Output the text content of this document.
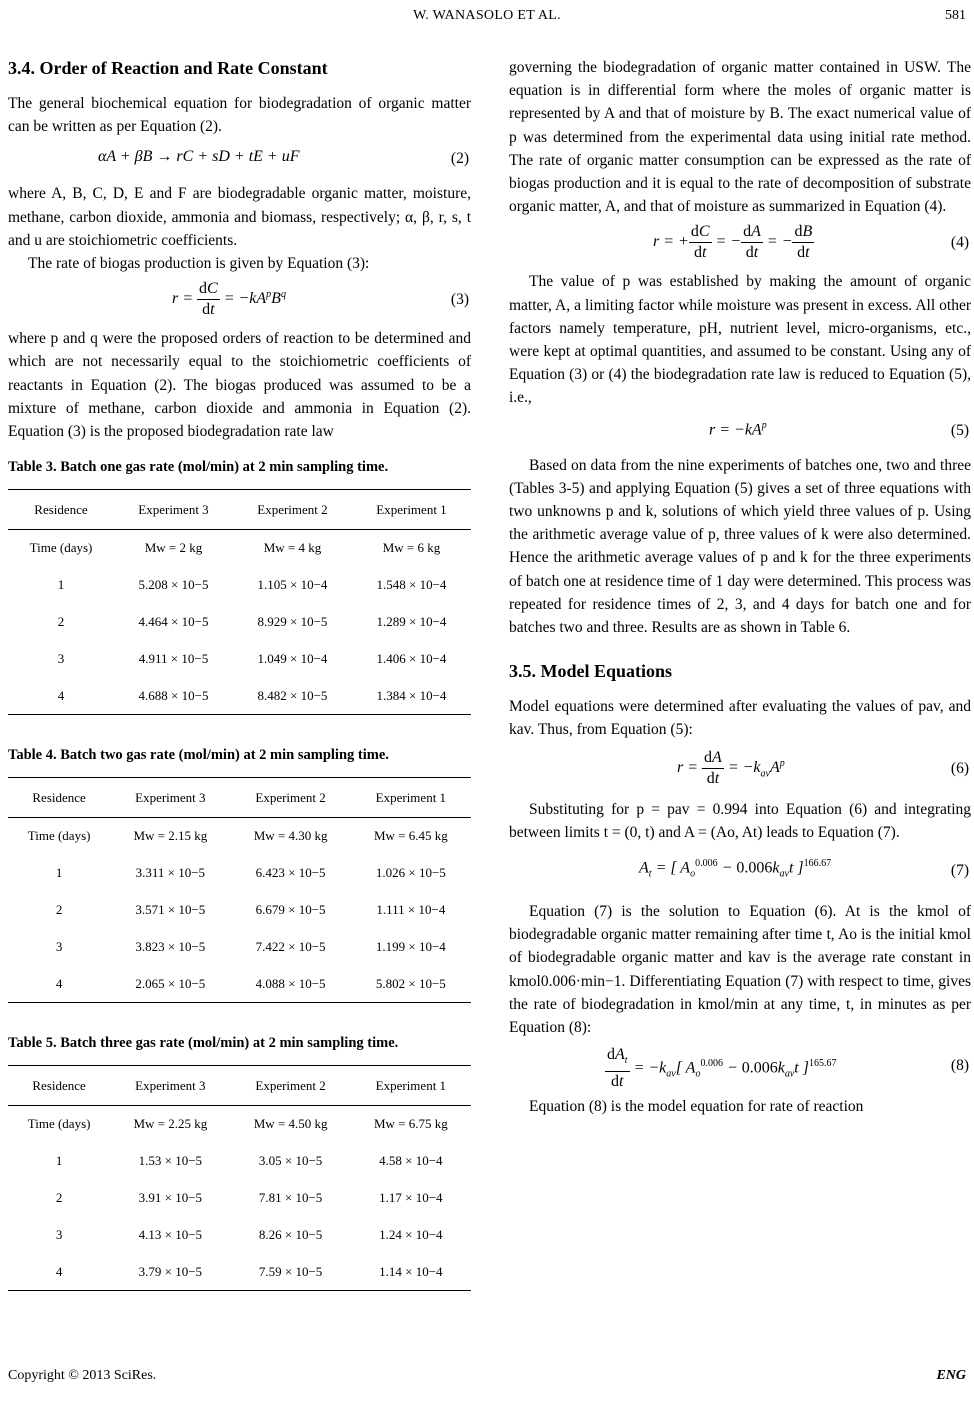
W. WANASOLO ET AL.	581
3.4. Order of Reaction and Rate Constant

The general biochemical equation for biodegradation of organic matter can be written as per Equation (2).

αA + βB → rC + sD + tE + uF	(2)

where A, B, C, D, E and F are biodegradable organic matter, moisture, methane, carbon dioxide, ammonia and biomass, respectively; α, β, r, s, t and u are stoichiometric coefficients.

The rate of biogas production is given by Equation (3):

$r = \frac{dC}{dt} = -kA^pB^q$	(3)

where p and q were the proposed orders of reaction to be determined and which are not necessarily equal to the stoichiometric coefficients of reactants in Equation (2). The biogas produced was assumed to be a mixture of methane, carbon dioxide and ammonia in Equation (2). Equation (3) is the proposed biodegradation rate law

Table 3. Batch one gas rate (mol/min) at 2 min sampling time.

Residence	Experiment 3	Experiment 2	Experiment 1
Time (days)	Mw = 2 kg	Mw = 4 kg	Mw = 6 kg
1	5.208 × 10−5	1.105 × 10−4	1.548 × 10−4
2	4.464 × 10−5	8.929 × 10−5	1.289 × 10−4
3	4.911 × 10−5	1.049 × 10−4	1.406 × 10−4
4	4.688 × 10−5	8.482 × 10−5	1.384 × 10−4

Table 4. Batch two gas rate (mol/min) at 2 min sampling time.

Residence	Experiment 3	Experiment 2	Experiment 1
Time (days)	Mw = 2.15 kg	Mw = 4.30 kg	Mw = 6.45 kg
1	3.311 × 10−5	6.423 × 10−5	1.026 × 10−5
2	3.571 × 10−5	6.679 × 10−5	1.111 × 10−4
3	3.823 × 10−5	7.422 × 10−5	1.199 × 10−4
4	2.065 × 10−5	4.088 × 10−5	5.802 × 10−5

Table 5. Batch three gas rate (mol/min) at 2 min sampling time.

Residence	Experiment 3	Experiment 2	Experiment 1
Time (days)	Mw = 2.25 kg	Mw = 4.50 kg	Mw = 6.75 kg
1	1.53 × 10−5	3.05 × 10−5	4.58 × 10−4
2	3.91 × 10−5	7.81 × 10−5	1.17 × 10−4
3	4.13 × 10−5	8.26 × 10−5	1.24 × 10−4
4	3.79 × 10−5	7.59 × 10−5	1.14 × 10−4

governing the biodegradation of organic matter contained in USW. The equation is in differential form where the moles of organic matter is represented by A and that of moisture by B. The exact numerical value of p was determined from the experimental data using initial rate method. The rate of organic matter consumption can be expressed as the rate of biogas production and it is equal to the rate of decomposition of substrate organic matter, A, and that of moisture as summarized in Equation (4).

r = + $\frac{dC}{dt}$ = − $\frac{dA}{dt}$ = − $\frac{dB}{dt}$	(4)

The value of p was established by making the amount of organic matter, A, a limiting factor while moisture was present in excess. All other factors namely temperature, pH, nutrient level, micro-organisms, etc., were kept at optimal quantities, and assumed to be constant. Using any of Equation (3) or (4) the biodegradation rate law is reduced to Equation (5), i.e.,

$r = -kA^p$	(5)

Based on data from the nine experiments of batches one, two and three (Tables 3-5) and applying Equation (5) gives a set of three equations with two unknowns p and k, solutions of which yield three values of p. Using the arithmetic average value of p, three values of k were also determined. Hence the arithmetic average values of p and k for the three experiments of batch one at residence time of 1 day were determined. This process was repeated for residence times of 2, 3, and 4 days for batch one and for batches two and three. Results are as shown in Table 6.

3.5. Model Equations

Model equations were determined after evaluating the values of pav, and kav. Thus, from Equation (5):

$r = \frac{dA}{dt} = -k_{av}A^p$	(6)

Substituting for p = pav = 0.994 into Equation (6) and integrating between limits t = (0, t) and A = (Ao, At) leads to Equation (7).

$A_t$ = [ $A_o^{0.006} - 0.006k_{av}t$ ]$^{166.67}$	(7)

Equation (7) is the solution to Equation (6). At is the kmol of biodegradable organic matter remaining after time t, Ao is the initial kmol of biodegradable organic matter and kav is the average rate constant in kmol0.006·min−1. Differentiating Equation (7) with respect to time, gives the rate of biodegradation in kmol/min at any time, t, in minutes as per Equation (8):

$\frac{dA_t}{dt} = -k_{av}$[ $A_o^{0.006} - 0.006k_{av}t$ ]$^{165.67}$	(8)

Equation (8) is the model equation for rate of reaction

Copyright © 2013 SciRes.	ENG
